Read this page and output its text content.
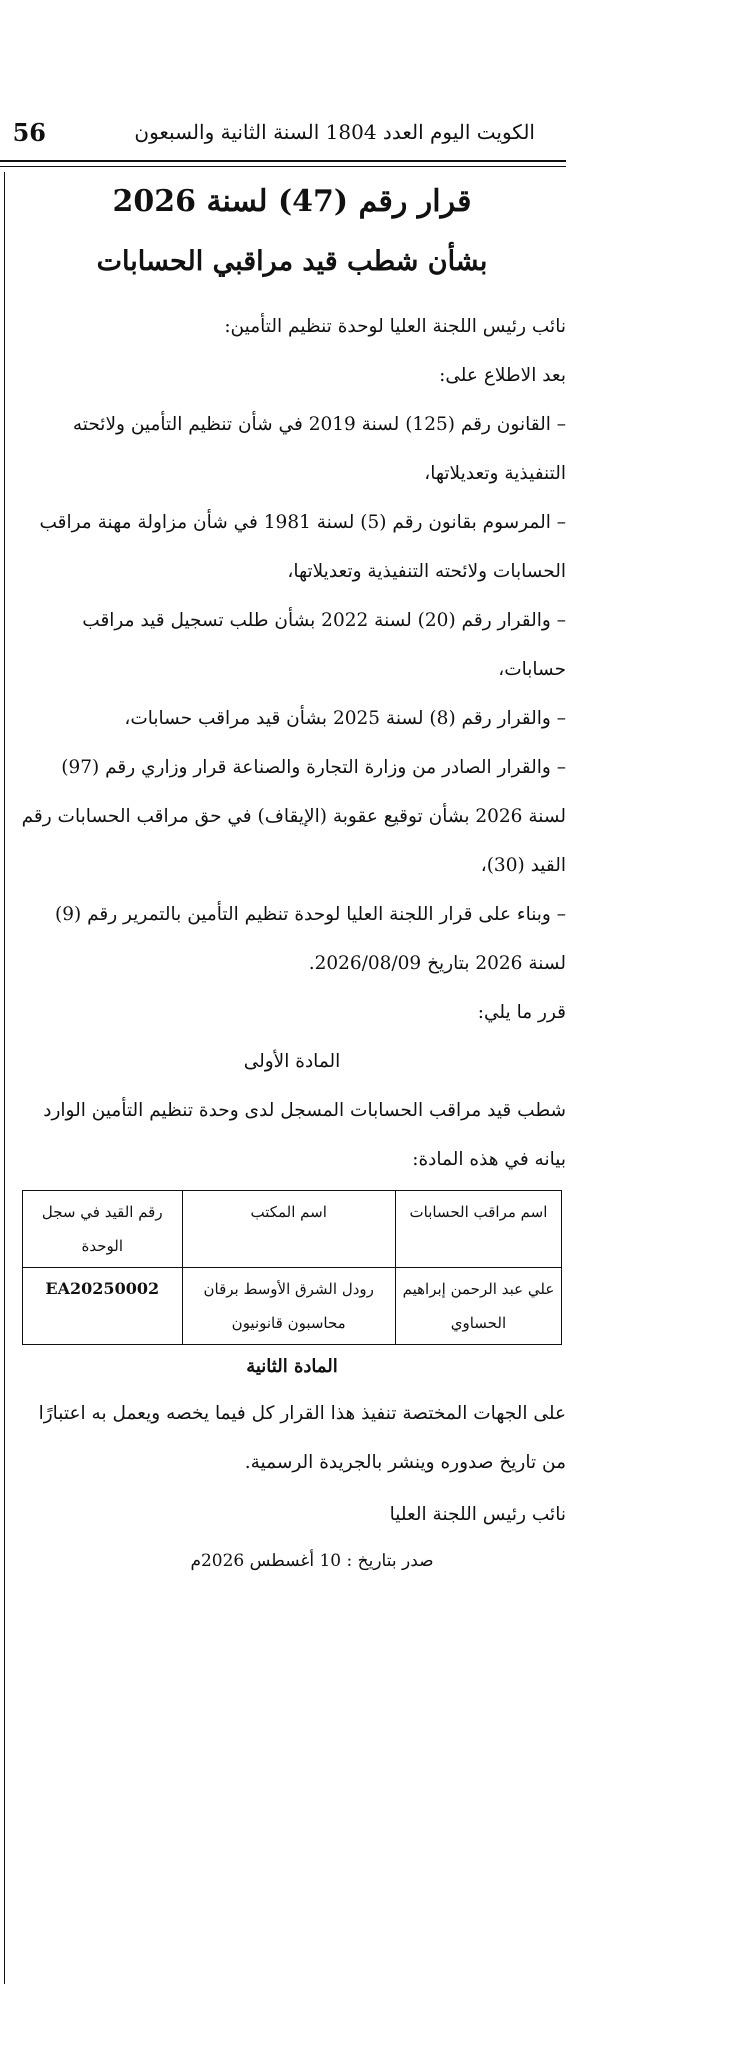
56	الكويت اليوم العدد 1804 السنة الثانية والسبعون
قرار رقم (47) لسنة 2026
بشأن شطب قيد مراقبي الحسابات
نائب رئيس اللجنة العليا لوحدة تنظيم التأمين:
بعد الاطلاع على:
– القانون رقم (125) لسنة 2019 في شأن تنظيم التأمين ولائحته التنفيذية وتعديلاتها،
– المرسوم بقانون رقم (5) لسنة 1981 في شأن مزاولة مهنة مراقب الحسابات ولائحته التنفيذية وتعديلاتها،
– والقرار رقم (20) لسنة 2022 بشأن طلب تسجيل قيد مراقب حسابات،
– والقرار رقم (8) لسنة 2025 بشأن قيد مراقب حسابات،
– والقرار الصادر من وزارة التجارة والصناعة قرار وزاري رقم (97) لسنة 2026 بشأن توقيع عقوبة (الإيقاف) في حق مراقب الحسابات رقم القيد (30)،
– وبناء على قرار اللجنة العليا لوحدة تنظيم التأمين بالتمرير رقم (9) لسنة 2026 بتاريخ 2026/08/09.
قرر ما يلي:
المادة الأولى
شطب قيد مراقب الحسابات المسجل لدى وحدة تنظيم التأمين الوارد بيانه في هذه المادة:
اسم مراقب الحسابات	اسم المكتب	رقم القيد في سجل الوحدة
علي عبد الرحمن إبراهيم الحساوي	رودل الشرق الأوسط برقان محاسبون قانونيون	EA20250002
المادة الثانية
على الجهات المختصة تنفيذ هذا القرار كل فيما يخصه ويعمل به اعتبارًا من تاريخ صدوره وينشر بالجريدة الرسمية.
نائب رئيس اللجنة العليا
صدر بتاريخ : 10 أغسطس 2026م
